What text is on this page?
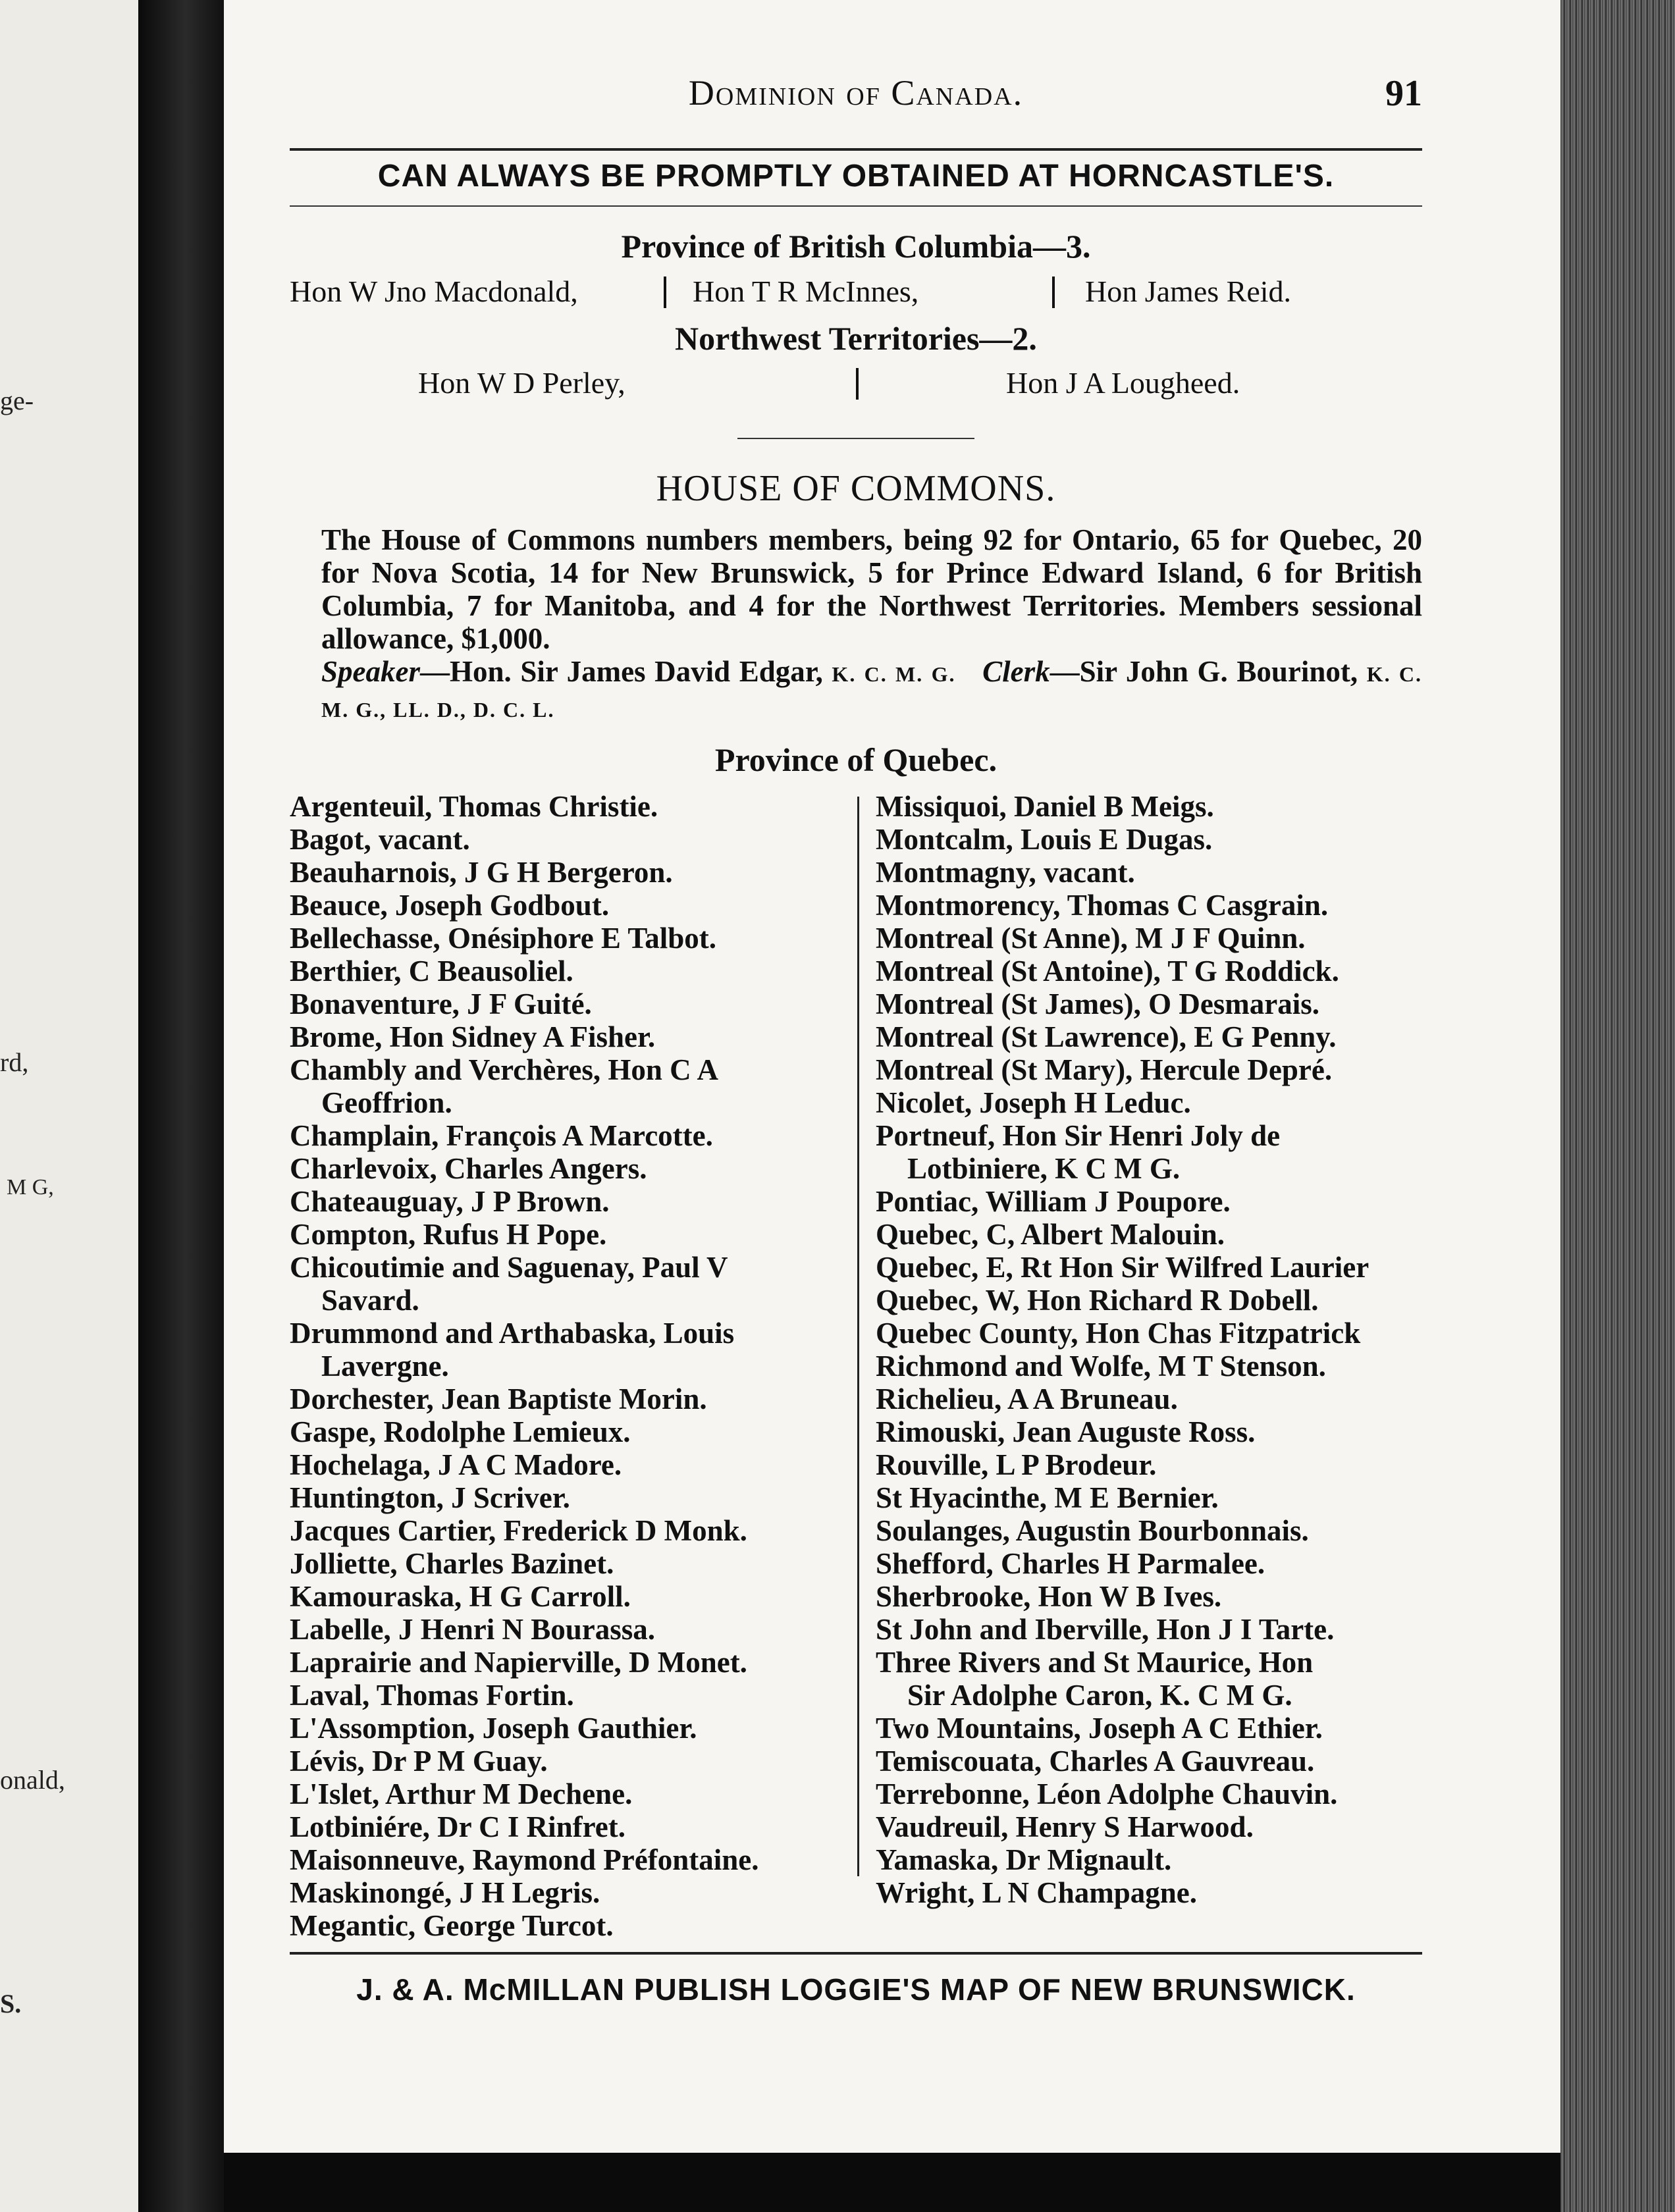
ge-
rd,
M G,
onald,
S.
Dominion of Canada.	91
CAN ALWAYS BE PROMPTLY OBTAINED AT HORNCASTLE'S.
Province of British Columbia—3.
Hon W Jno Macdonald,	Hon T R McInnes,	Hon James Reid.
Northwest Territories—2.
Hon W D Perley,	Hon J A Lougheed.
HOUSE OF COMMONS.
The House of Commons numbers members, being 92 for Ontario, 65 for Quebec, 20 for Nova Scotia, 14 for New Brunswick, 5 for Prince Edward Island, 6 for British Columbia, 7 for Manitoba, and 4 for the Northwest Territories. Members sessional allowance, $1,000.
Speaker—Hon. Sir James David Edgar, K. C. M. G. Clerk—Sir John G. Bourinot, K. C. M. G., LL. D., D. C. L.
Province of Quebec.
Argenteuil, Thomas Christie.
Bagot, vacant.
Beauharnois, J G H Bergeron.
Beauce, Joseph Godbout.
Bellechasse, Onésiphore E Talbot.
Berthier, C Beausoliel.
Bonaventure, J F Guité.
Brome, Hon Sidney A Fisher.
Chambly and Verchères, Hon C A
Geoffrion.
Champlain, François A Marcotte.
Charlevoix, Charles Angers.
Chateauguay, J P Brown.
Compton, Rufus H Pope.
Chicoutimie and Saguenay, Paul V
Savard.
Drummond and Arthabaska, Louis
Lavergne.
Dorchester, Jean Baptiste Morin.
Gaspe, Rodolphe Lemieux.
Hochelaga, J A C Madore.
Huntington, J Scriver.
Jacques Cartier, Frederick D Monk.
Jolliette, Charles Bazinet.
Kamouraska, H G Carroll.
Labelle, J Henri N Bourassa.
Laprairie and Napierville, D Monet.
Laval, Thomas Fortin.
L'Assomption, Joseph Gauthier.
Lévis, Dr P M Guay.
L'Islet, Arthur M Dechene.
Lotbiniére, Dr C I Rinfret.
Maisonneuve, Raymond Préfontaine.
Maskinongé, J H Legris.
Megantic, George Turcot.
Missiquoi, Daniel B Meigs.
Montcalm, Louis E Dugas.
Montmagny, vacant.
Montmorency, Thomas C Casgrain.
Montreal (St Anne), M J F Quinn.
Montreal (St Antoine), T G Roddick.
Montreal (St James), O Desmarais.
Montreal (St Lawrence), E G Penny.
Montreal (St Mary), Hercule Depré.
Nicolet, Joseph H Leduc.
Portneuf, Hon Sir Henri Joly de
Lotbiniere, K C M G.
Pontiac, William J Poupore.
Quebec, C, Albert Malouin.
Quebec, E, Rt Hon Sir Wilfred Laurier
Quebec, W, Hon Richard R Dobell.
Quebec County, Hon Chas Fitzpatrick
Richmond and Wolfe, M T Stenson.
Richelieu, A A Bruneau.
Rimouski, Jean Auguste Ross.
Rouville, L P Brodeur.
St Hyacinthe, M E Bernier.
Soulanges, Augustin Bourbonnais.
Shefford, Charles H Parmalee.
Sherbrooke, Hon W B Ives.
St John and Iberville, Hon J I Tarte.
Three Rivers and St Maurice, Hon
Sir Adolphe Caron, K. C M G.
Two Mountains, Joseph A C Ethier.
Temiscouata, Charles A Gauvreau.
Terrebonne, Léon Adolphe Chauvin.
Vaudreuil, Henry S Harwood.
Yamaska, Dr Mignault.
Wright, L N Champagne.
J. & A. McMILLAN PUBLISH LOGGIE'S MAP OF NEW BRUNSWICK.
